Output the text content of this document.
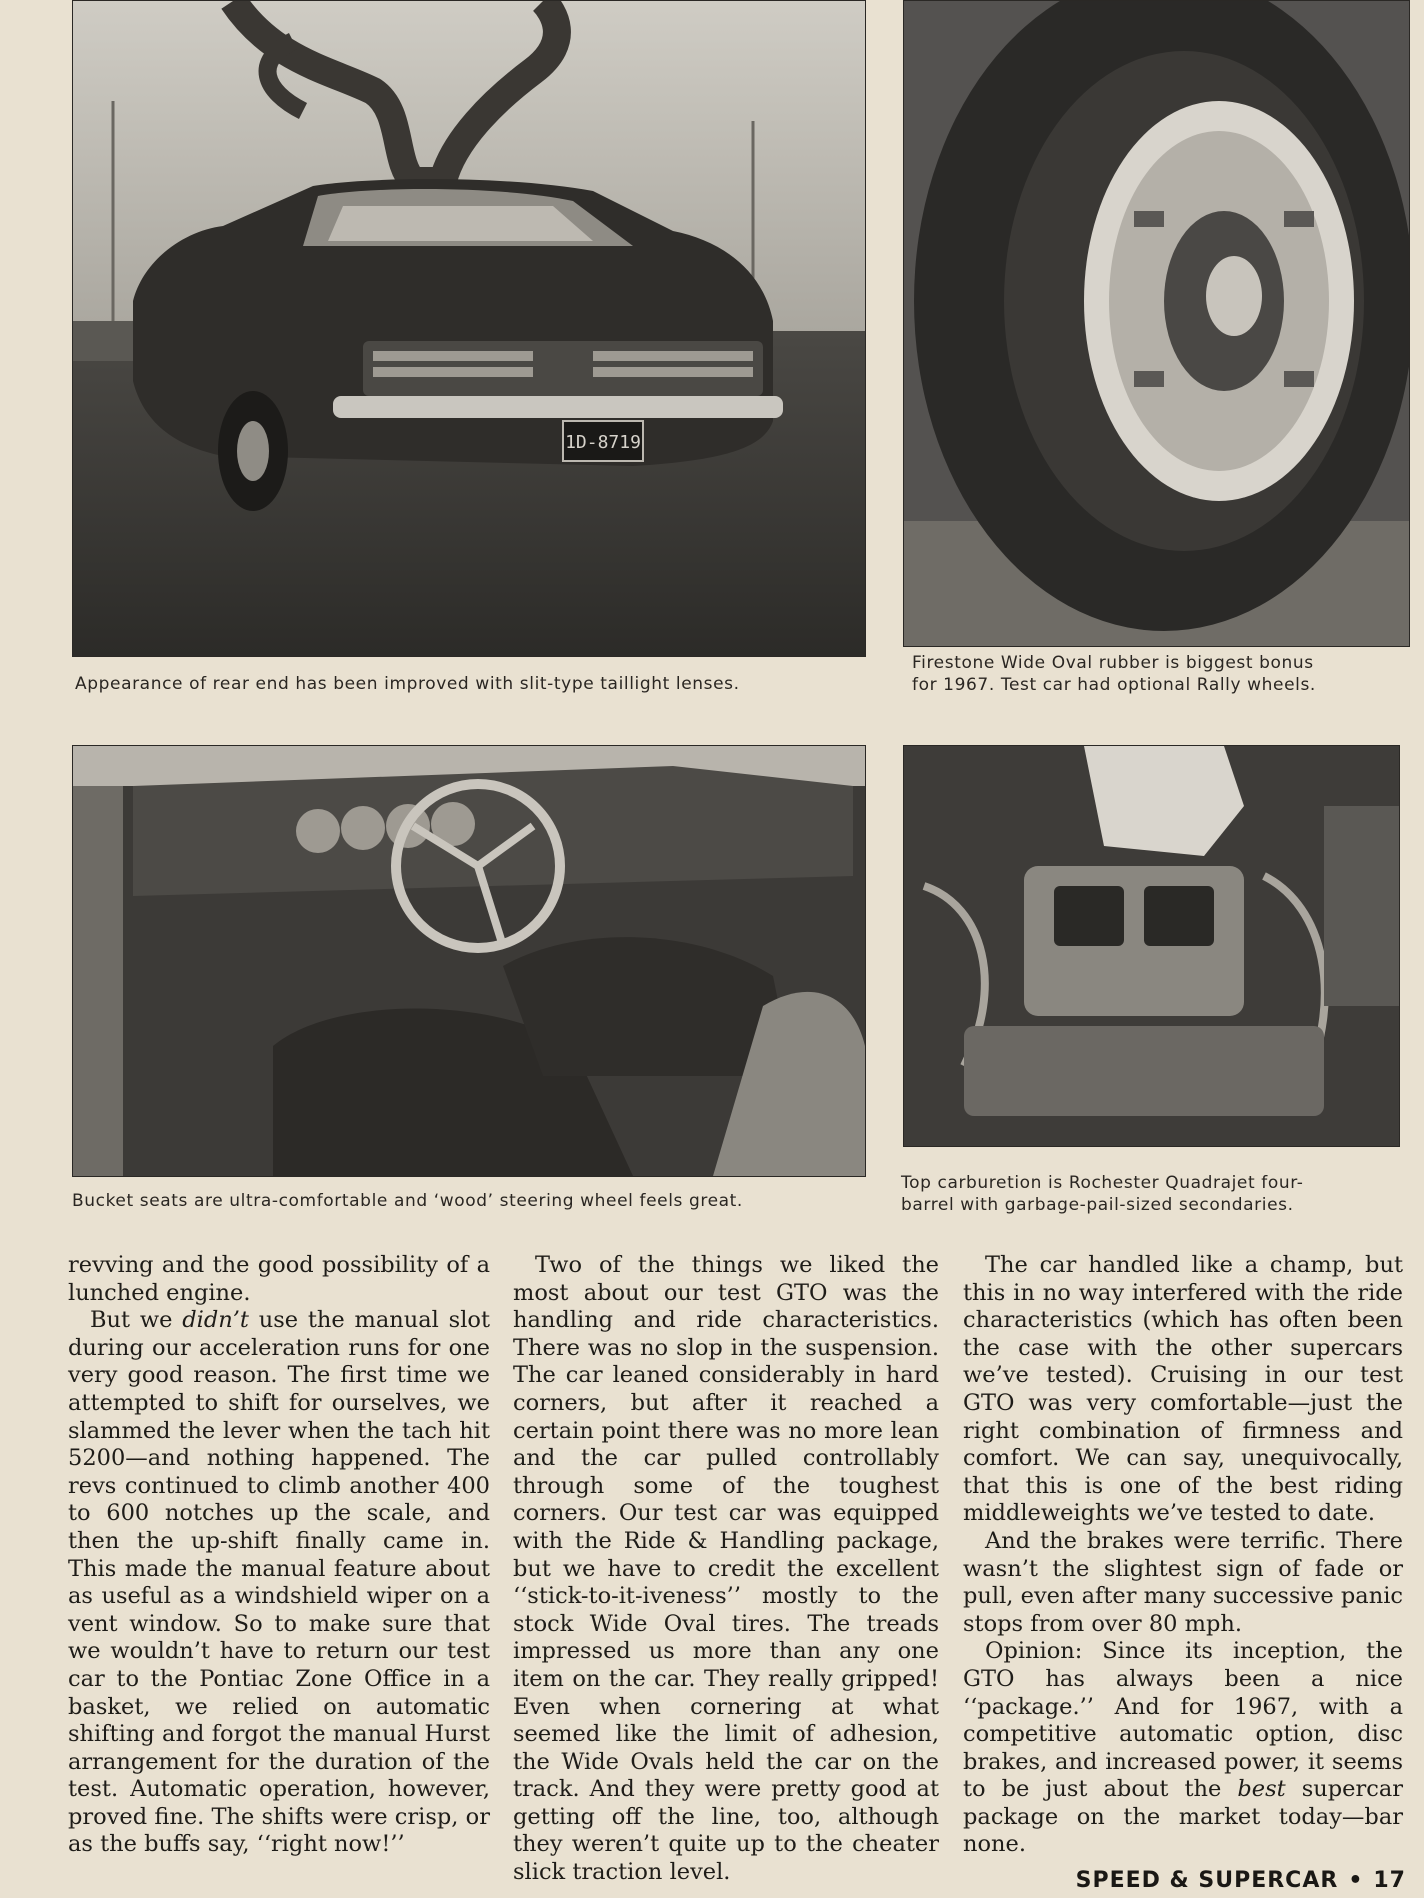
1D-8719
Appearance of rear end has been improved with slit-type taillight lenses.
Firestone Wide Oval rubber is biggest bonus
for 1967. Test car had optional Rally wheels.
Bucket seats are ultra-comfortable and ‘wood’ steering wheel feels great.
Top carburetion is Rochester Quadrajet four-
barrel with garbage-pail-sized secondaries.

revving and the good possibility of a lunched engine.

But we didn’t use the manual slot during our acceleration runs for one very good reason. The first time we attempted to shift for ourselves, we slammed the lever when the tach hit 5200—and nothing happened. The revs continued to climb another 400 to 600 notches up the scale, and then the up-shift finally came in. This made the manual feature about as useful as a windshield wiper on a vent window. So to make sure that we wouldn’t have to return our test car to the Pontiac Zone Office in a basket, we relied on automatic shifting and forgot the manual Hurst arrangement for the duration of the test. Automatic operation, however, proved fine. The shifts were crisp, or as the buffs say, ‘‘right now!’’

Two of the things we liked the most about our test GTO was the handling and ride characteristics. There was no slop in the suspension. The car leaned considerably in hard corners, but after it reached a certain point there was no more lean and the car pulled controllably through some of the toughest corners. Our test car was equipped with the Ride & Handling package, but we have to credit the excellent ‘‘stick-to-it-iveness’’ mostly to the stock Wide Oval tires. The treads impressed us more than any one item on the car. They really gripped! Even when cornering at what seemed like the limit of adhesion, the Wide Ovals held the car on the track. And they were pretty good at getting off the line, too, although they weren’t quite up to the cheater slick traction level.

The car handled like a champ, but this in no way interfered with the ride characteristics (which has often been the case with the other supercars we’ve tested). Cruising in our test GTO was very comfortable—just the right combination of firmness and comfort. We can say, unequivocally, that this is one of the best riding middleweights we’ve tested to date.

And the brakes were terrific. There wasn’t the slightest sign of fade or pull, even after many successive panic stops from over 80 mph.

Opinion: Since its inception, the GTO has always been a nice ‘‘package.’’ And for 1967, with a competitive automatic option, disc brakes, and increased power, it seems to be just about the best supercar package on the market today—bar none.

SPEED & SUPERCAR • 17
